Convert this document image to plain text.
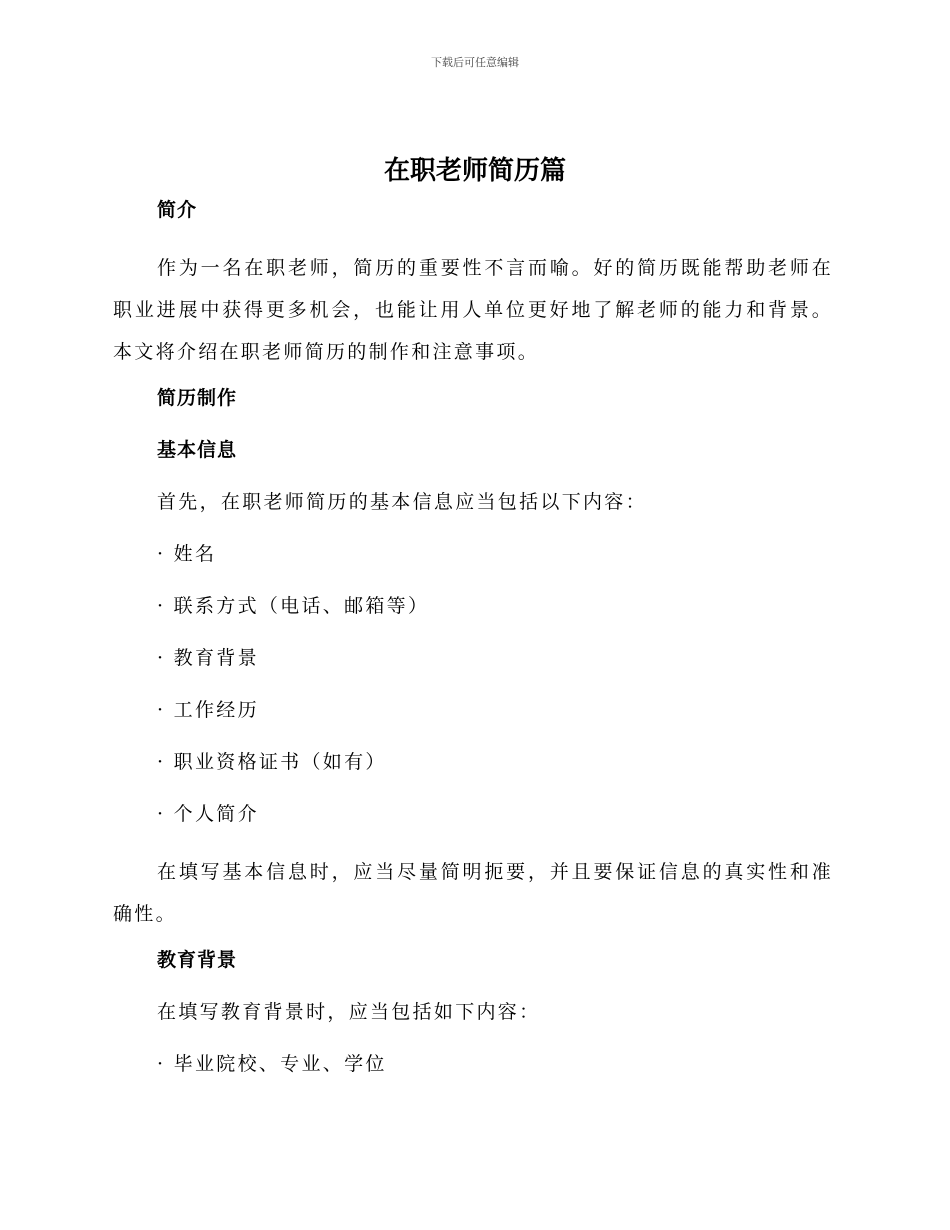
下载后可任意编辑
在职老师简历篇
简介

作为一名在职老师，简历的重要性不言而喻。好的简历既能帮助老师在职业进展中获得更多机会，也能让用人单位更好地了解老师的能力和背景。本文将介绍在职老师简历的制作和注意事项。

简历制作
基本信息
首先，在职老师简历的基本信息应当包括以下内容：
· 姓名
· 联系方式（电话、邮箱等）
· 教育背景
· 工作经历
· 职业资格证书（如有）
· 个人简介

在填写基本信息时，应当尽量简明扼要，并且要保证信息的真实性和准确性。

教育背景
在填写教育背景时，应当包括如下内容：
· 毕业院校、专业、学位
